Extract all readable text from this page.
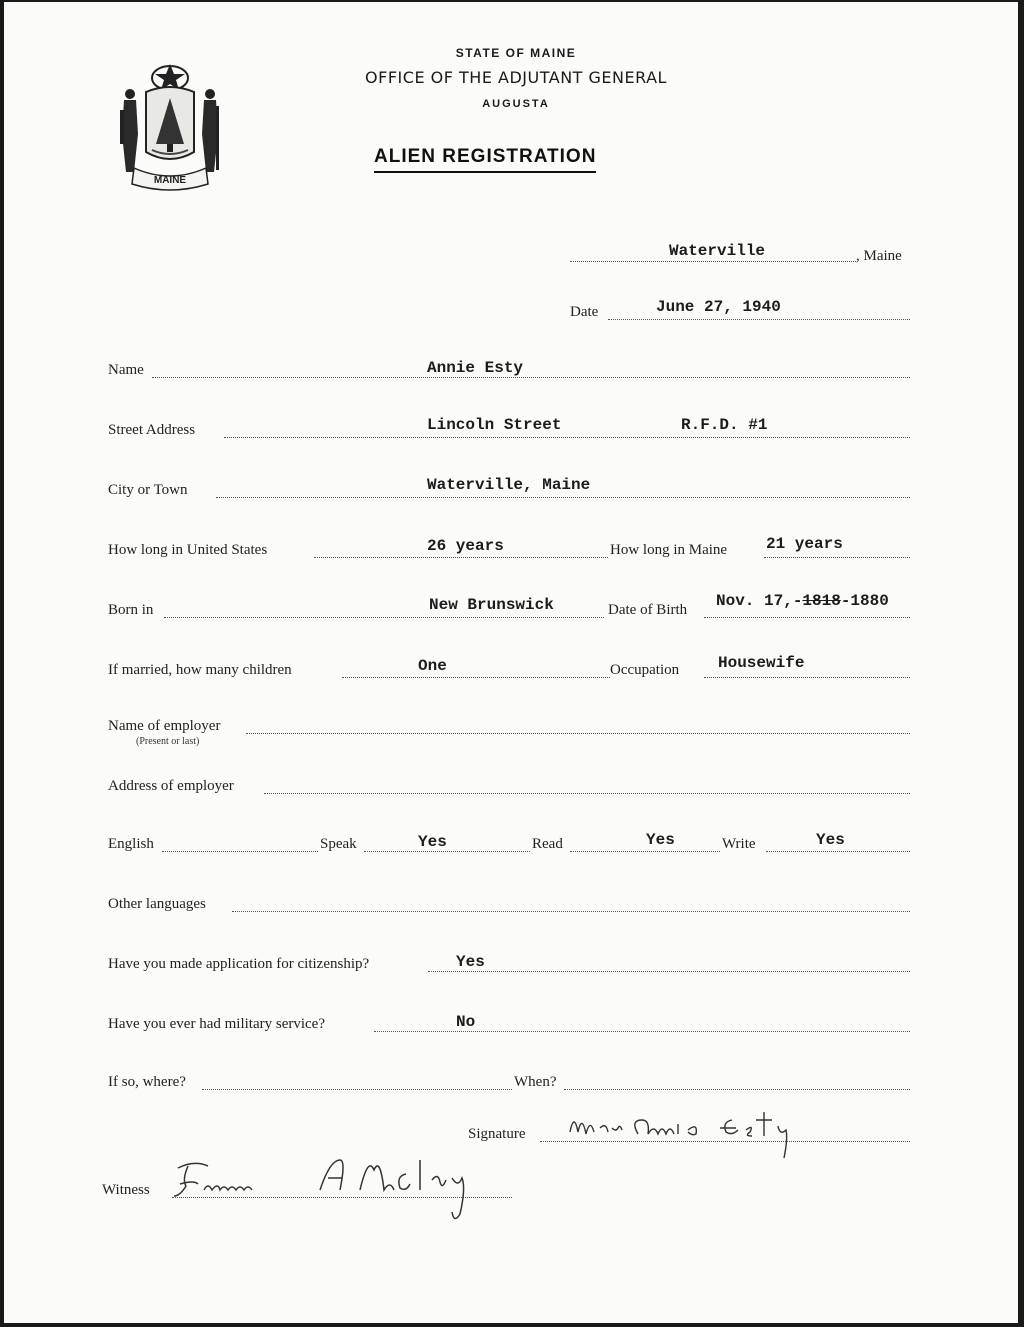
MAINE
STATE OF MAINE
OFFICE OF THE ADJUTANT GENERAL
AUGUSTA
ALIEN REGISTRATION
Waterville	, Maine
Date	June 27, 1940
Name	Annie Esty
Street Address	Lincoln Street	R.F.D. #1
City or Town	Waterville, Maine
How long in United States	26 years	How long in Maine 21 years
Born in	New Brunswick	Date of Birth Nov. 17,-1818-1880
If married, how many children	One	Occupation Housewife
Name of employer
(Present or last)
Address of employer
English	Speak	Yes	Read	Yes	Write	Yes
Other languages
Have you made application for citizenship?	Yes
Have you ever had military service?	No
If so, where?	When?
Signature
Witness
